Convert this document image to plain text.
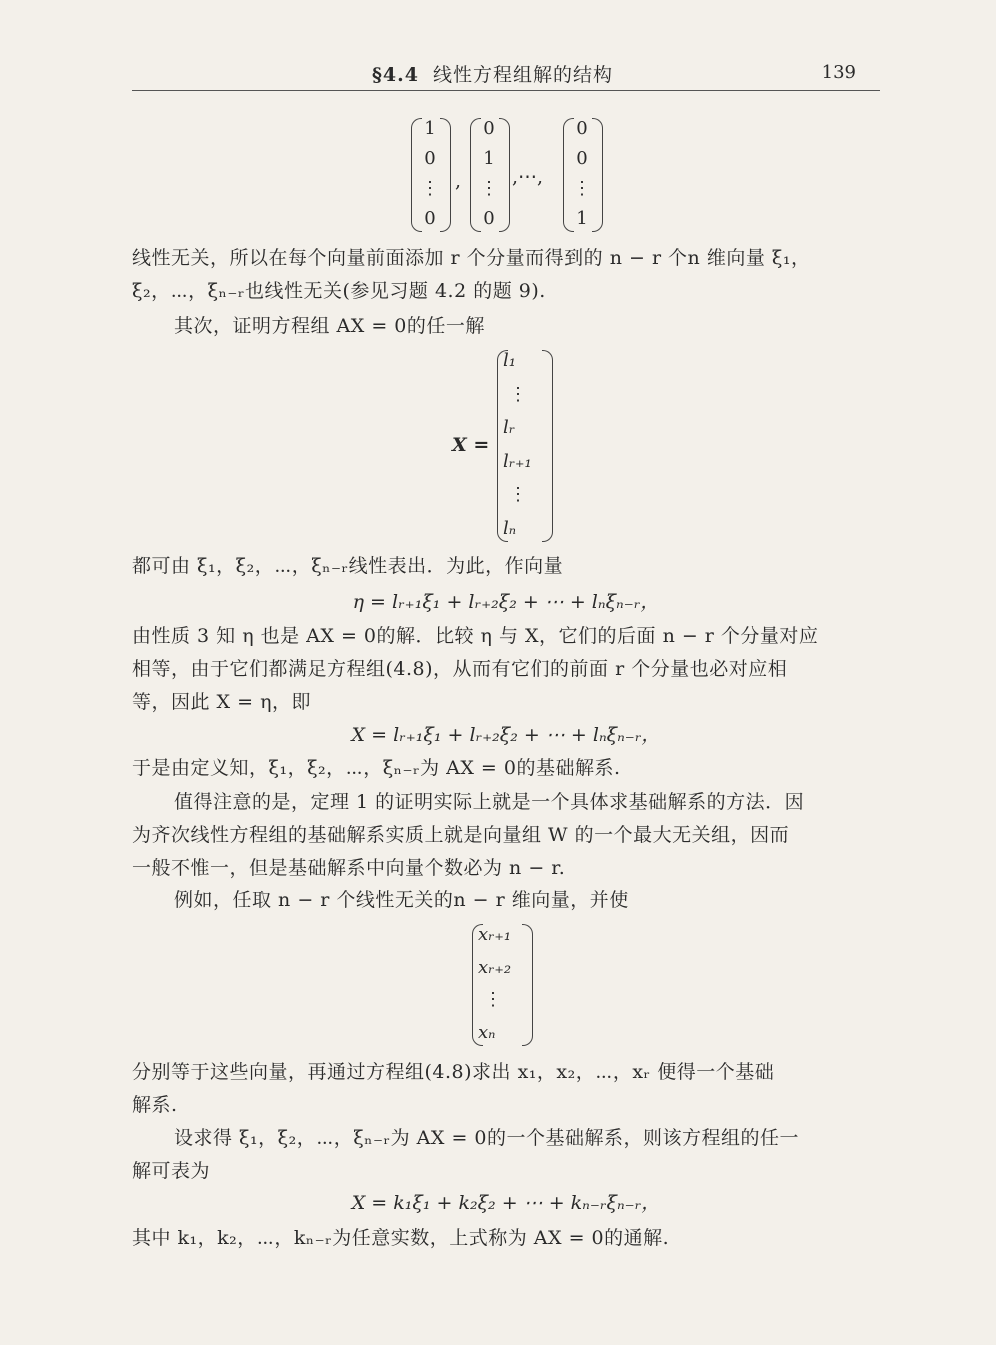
§4.4 线性方程组解的结构	139
1
0
⋮
0
,
0
1
⋮
0
,⋯,
0
0
⋮
1
线性无关，所以在每个向量前面添加 r 个分量而得到的 n − r 个n 维向量 ξ₁，
ξ₂，⋯，ξₙ₋ᵣ也线性无关(参见习题 4.2 的题 9).
其次，证明方程组 AX = 0的任一解
X =
l₁
⋮
lᵣ
lᵣ₊₁
⋮
lₙ
都可由 ξ₁，ξ₂，⋯，ξₙ₋ᵣ线性表出．为此，作向量
η = lᵣ₊₁ξ₁ + lᵣ₊₂ξ₂ + ⋯ + lₙξₙ₋ᵣ，
由性质 3 知 η 也是 AX = 0的解．比较 η 与 X，它们的后面 n − r 个分量对应
相等，由于它们都满足方程组(4.8)，从而有它们的前面 r 个分量也必对应相
等，因此 X = η，即
X = lᵣ₊₁ξ₁ + lᵣ₊₂ξ₂ + ⋯ + lₙξₙ₋ᵣ，
于是由定义知，ξ₁，ξ₂，⋯，ξₙ₋ᵣ为 AX = 0的基础解系.
值得注意的是，定理 1 的证明实际上就是一个具体求基础解系的方法．因
为齐次线性方程组的基础解系实质上就是向量组 W 的一个最大无关组，因而
一般不惟一，但是基础解系中向量个数必为 n − r.
例如，任取 n − r 个线性无关的n − r 维向量，并使
xᵣ₊₁
xᵣ₊₂
⋮
xₙ
分别等于这些向量，再通过方程组(4.8)求出 x₁，x₂，⋯，xᵣ 便得一个基础
解系.
设求得 ξ₁，ξ₂，⋯，ξₙ₋ᵣ为 AX = 0的一个基础解系，则该方程组的任一
解可表为
X = k₁ξ₁ + k₂ξ₂ + ⋯ + kₙ₋ᵣξₙ₋ᵣ，
其中 k₁，k₂，⋯，kₙ₋ᵣ为任意实数，上式称为 AX = 0的通解.
